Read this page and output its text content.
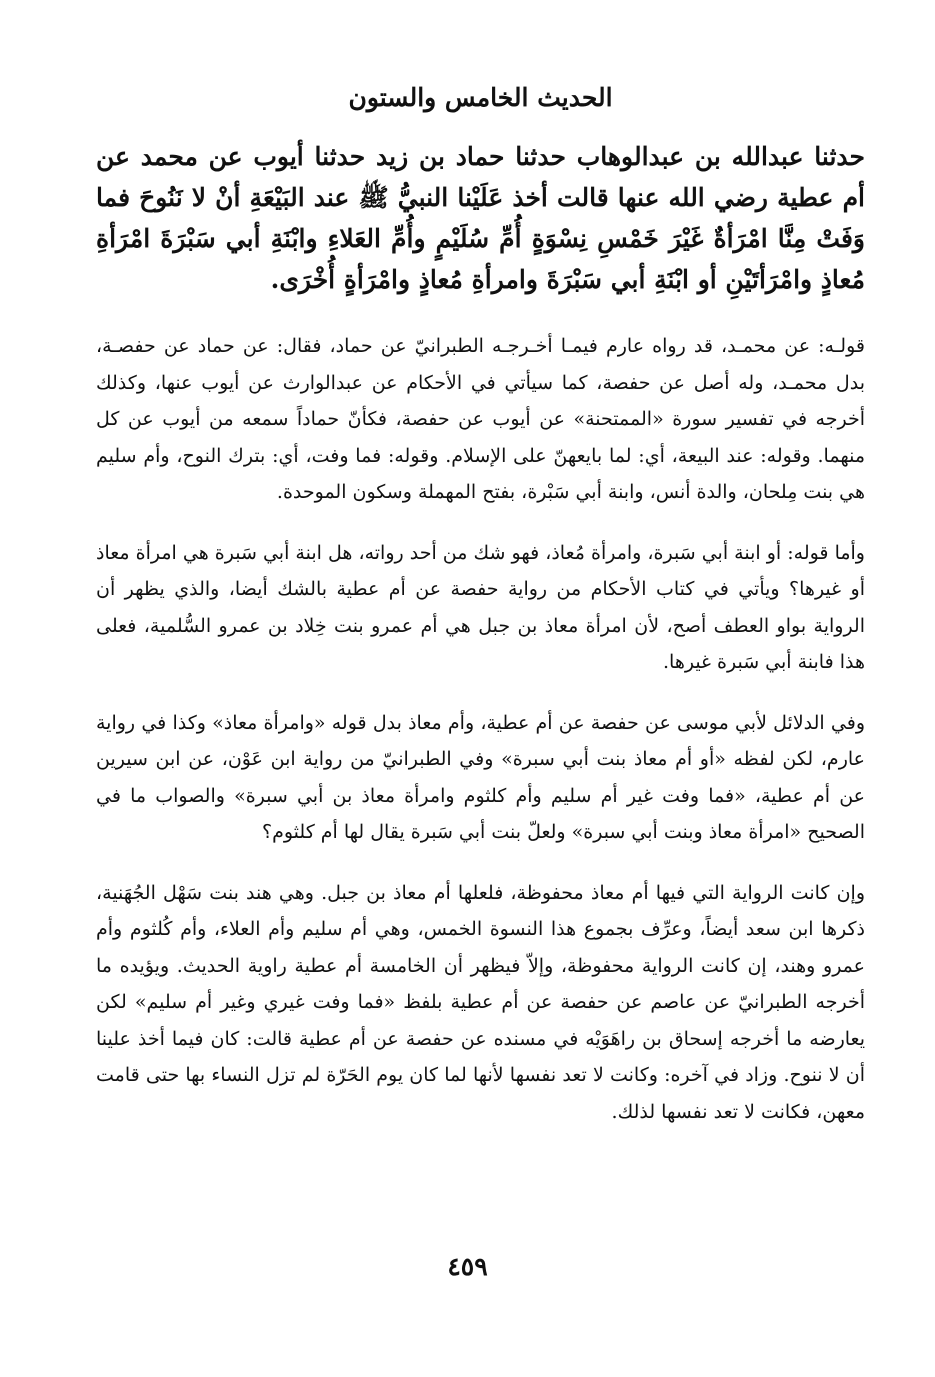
الحديث الخامس والستون

حدثنا عبدالله بن عبدالوهاب حدثنا حماد بن زيد حدثنا أيوب عن محمد عن أم عطية رضي الله عنها قالت أخذ عَلَيْنا النبيُّ ﷺ عند البَيْعَةِ أنْ لا نَنُوحَ فما وَفَتْ مِنَّا امْرَأةٌ غَيْرَ خَمْسِ نِسْوَةٍ أُمِّ سُلَيْمٍ وأُمِّ العَلاءِ وابْنَةِ أبي سَبْرَةَ امْرَأةِ مُعاذٍ وامْرَأتَيْنِ أو ابْنَةِ أبي سَبْرَةَ وامرأةِ مُعاذٍ وامْرَأةٍ أُخْرَى.

قولـه: عن محمـد، قد رواه عارم فيمـا أخـرجـه الطبرانيّ عن حماد، فقال: عن حماد عن حفصـة، بدل محمـد، وله أصل عن حفصة، كما سيأتي في الأحكام عن عبدالوارث عن أيوب عنها، وكذلك أخرجه في تفسير سورة «الممتحنة» عن أيوب عن حفصة، فكأنّ حماداً سمعه من أيوب عن كل منهما. وقوله: عند البيعة، أي: لما بايعهنّ على الإسلام. وقوله: فما وفت، أي: بترك النوح، وأم سليم هي بنت مِلحان، والدة أنس، وابنة أبي سَبْرة، بفتح المهملة وسكون الموحدة.

وأما قوله: أو ابنة أبي سَبرة، وامرأة مُعاذ، فهو شك من أحد رواته، هل ابنة أبي سَبرة هي امرأة معاذ أو غيرها؟ ويأتي في كتاب الأحكام من رواية حفصة عن أم عطية بالشك أيضا، والذي يظهر أن الرواية بواو العطف أصح، لأن امرأة معاذ بن جبل هي أم عمرو بنت خِلاد بن عمرو السُّلمية، فعلى هذا فابنة أبي سَبرة غيرها.

وفي الدلائل لأبي موسى عن حفصة عن أم عطية، وأم معاذ بدل قوله «وامرأة معاذ» وكذا في رواية عارم، لكن لفظه «أو أم معاذ بنت أبي سبرة» وفي الطبرانيّ من رواية ابن عَوْن، عن ابن سيرين عن أم عطية، «فما وفت غير أم سليم وأم كلثوم وامرأة معاذ بن أبي سبرة» والصواب ما في الصحيح «امرأة معاذ وبنت أبي سبرة» ولعلّ بنت أبي سَبرة يقال لها أم كلثوم؟

وإن كانت الرواية التي فيها أم معاذ محفوظة، فلعلها أم معاذ بن جبل. وهي هند بنت سَهْل الجُهَنية، ذكرها ابن سعد أيضاً، وعرِّف بجموع هذا النسوة الخمس، وهي أم سليم وأم العلاء، وأم كُلثوم وأم عمرو وهند، إن كانت الرواية محفوظة، وإلاّ فيظهر أن الخامسة أم عطية راوية الحديث. ويؤيده ما أخرجه الطبرانيّ عن عاصم عن حفصة عن أم عطية بلفظ «فما وفت غيري وغير أم سليم» لكن يعارضه ما أخرجه إسحاق بن راهَوَيْه في مسنده عن حفصة عن أم عطية قالت: كان فيما أخذ علينا أن لا ننوح. وزاد في آخره: وكانت لا تعد نفسها لأنها لما كان يوم الحَرّة لم تزل النساء بها حتى قامت معهن، فكانت لا تعد نفسها لذلك.

٤٥٩
